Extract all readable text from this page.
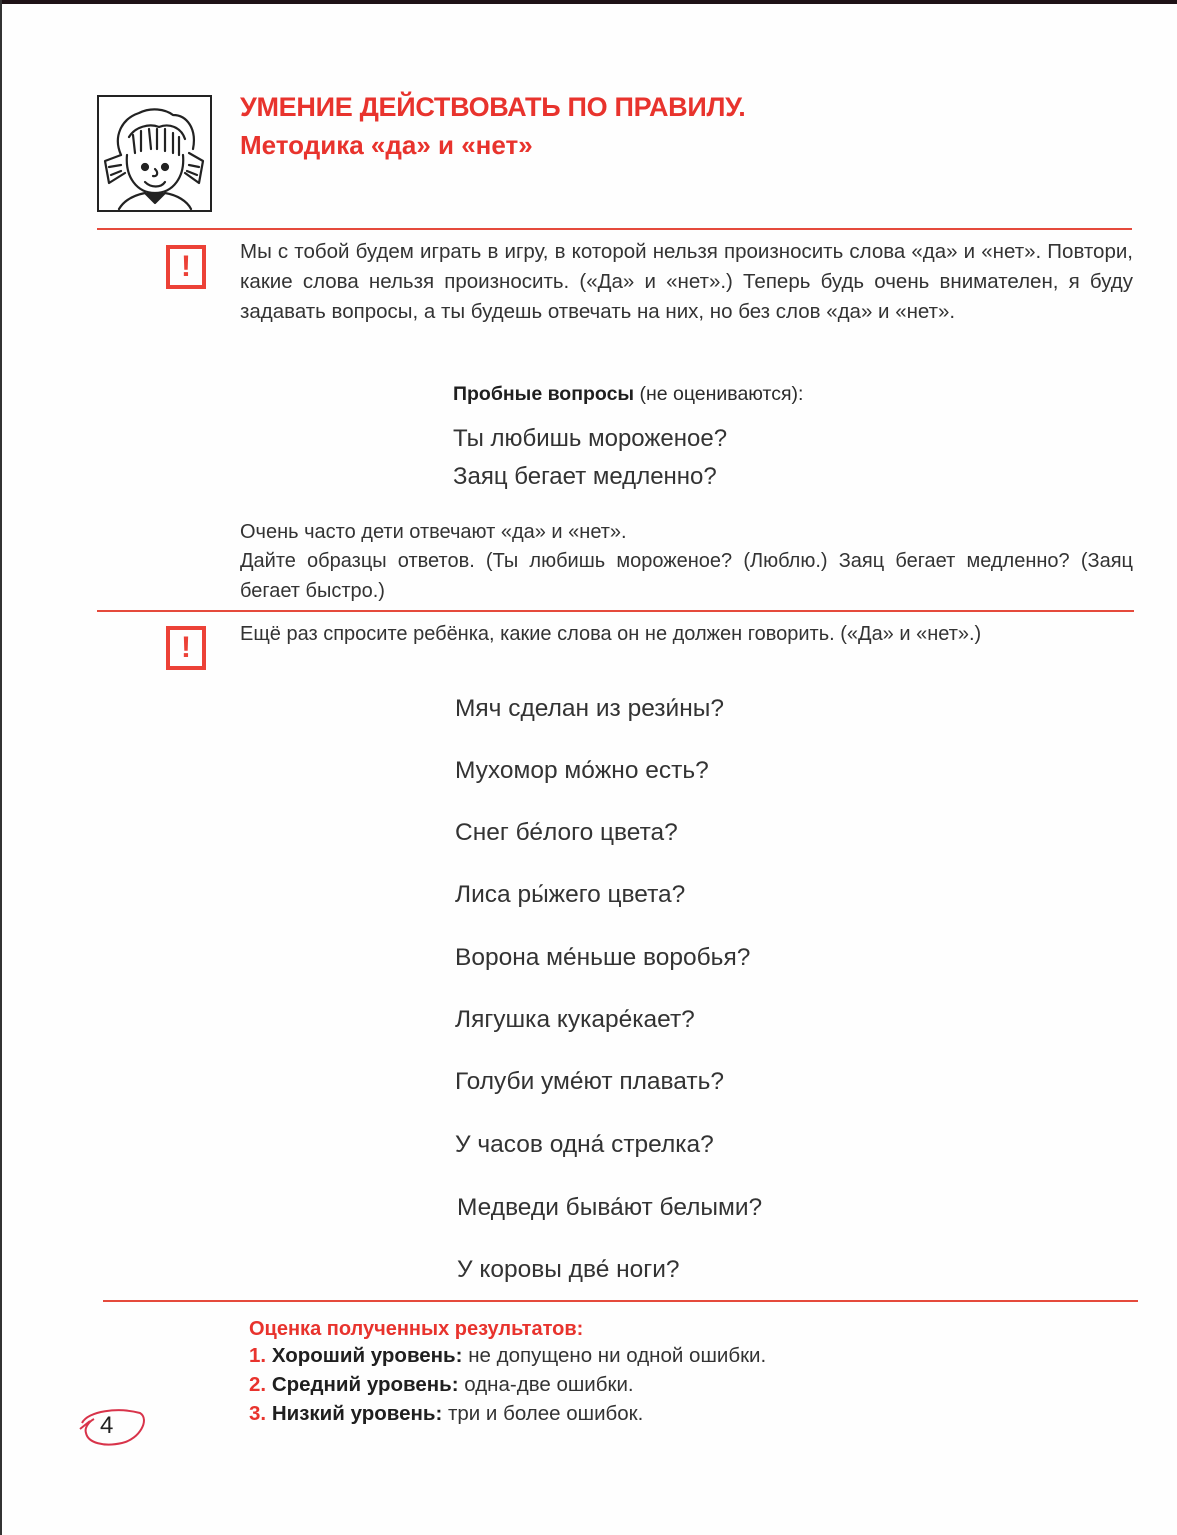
УМЕНИЕ ДЕЙСТВОВАТЬ ПО ПРАВИЛУ.
Методика «да» и «нет»
!	Мы с тобой будем играть в игру, в которой нельзя произносить слова «да» и «нет». Повтори, какие слова нельзя произносить. («Да» и «нет».) Теперь будь очень внимателен, я буду задавать вопросы, а ты будешь отвечать на них, но без слов «да» и «нет».
Пробные вопросы (не оцениваются):
Ты любишь мороженое?
Заяц бегает медленно?
Очень часто дети отвечают «да» и «нет».
Дайте образцы ответов. (Ты любишь мороженое? (Люблю.) Заяц бегает медленно? (Заяц бегает быстро.)
!	Ещё раз спросите ребёнка, какие слова он не должен говорить. («Да» и «нет».)
Мяч сделан из рези́ны?
Мухомор мо́жно есть?
Снег бе́лого цвета?
Лиса ры́жего цвета?
Ворона ме́ньше воробья?
Лягушка кукаре́кает?
Голуби уме́ют плавать?
У часов одна́ стрелка?
Медведи быва́ют белыми?
У коровы две́ ноги?
Оценка полученных результатов:
1. Хороший уровень: не допущено ни одной ошибки.
2. Средний уровень: одна-две ошибки.
3. Низкий уровень: три и более ошибок.
4
